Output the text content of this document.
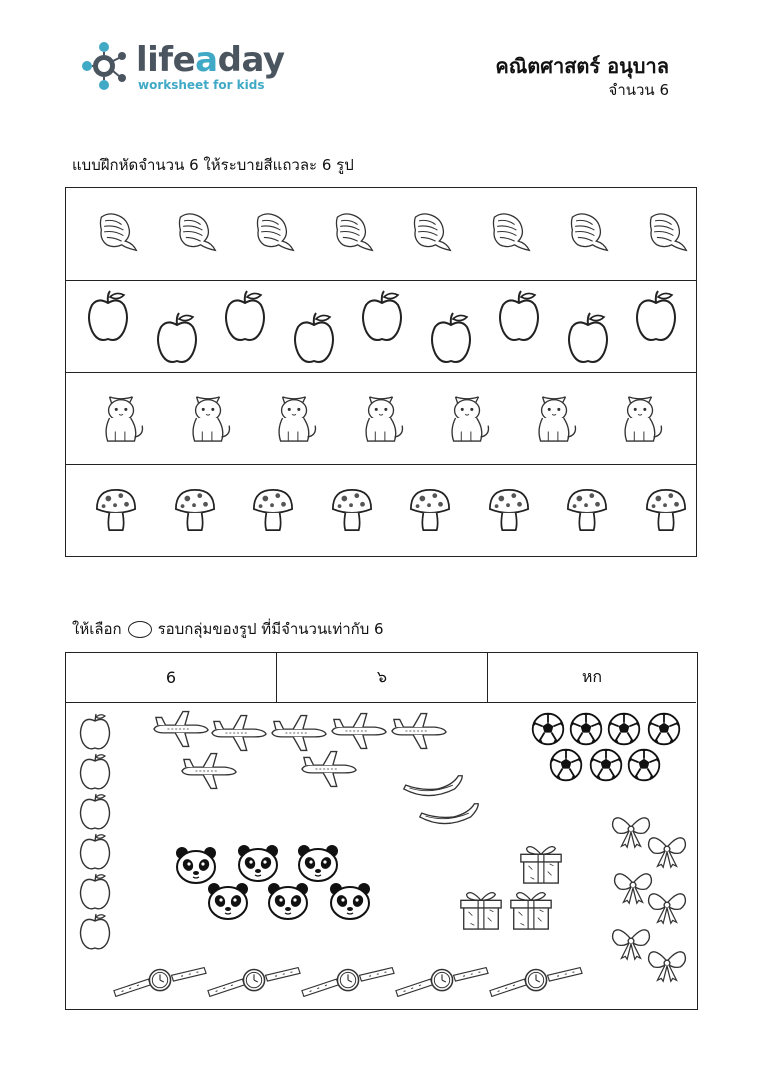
lifeaday
worksheet for kids
คณิตศาสตร์ อนุบาล
จำนวน 6
แบบฝึกหัดจำนวน 6 ให้ระบายสีแถวละ 6 รูป
ให้เลือก รอบกลุ่มของรูป ที่มีจำนวนเท่ากับ 6
6	๖	หก
